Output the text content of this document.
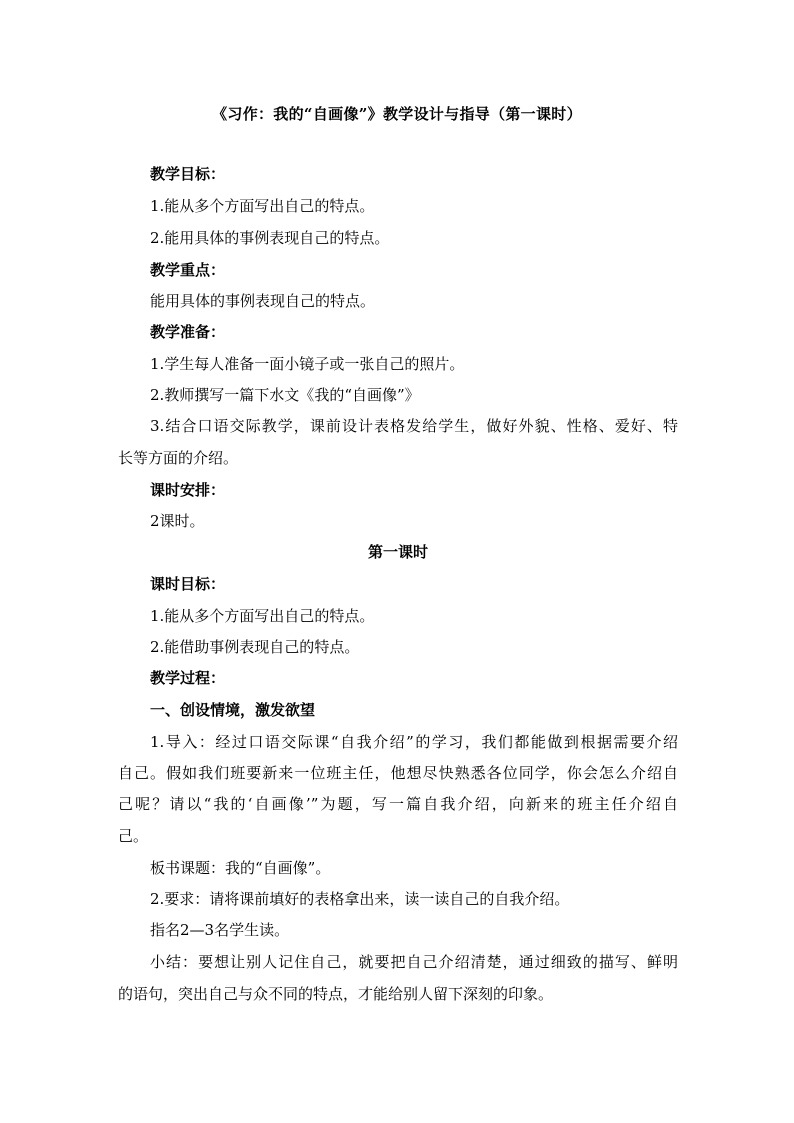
《习作：我的“自画像”》教学设计与指导（第一课时）
教学目标：
1.能从多个方面写出自己的特点。
2.能用具体的事例表现自己的特点。
教学重点：
能用具体的事例表现自己的特点。
教学准备：
1.学生每人准备一面小镜子或一张自己的照片。
2.教师撰写一篇下水文《我的“自画像”》
3.结合口语交际教学，课前设计表格发给学生，做好外貌、性格、爱好、特
长等方面的介绍。
课时安排：
2课时。
第一课时
课时目标：
1.能从多个方面写出自己的特点。
2.能借助事例表现自己的特点。
教学过程：
一、创设情境，激发欲望
1.导入：经过口语交际课“自我介绍”的学习，我们都能做到根据需要介绍
自己。假如我们班要新来一位班主任，他想尽快熟悉各位同学，你会怎么介绍自
己呢？请以“我的‘自画像’”为题，写一篇自我介绍，向新来的班主任介绍自
己。
板书课题：我的“自画像”。
2.要求：请将课前填好的表格拿出来，读一读自己的自我介绍。
指名2—3名学生读。
小结：要想让别人记住自己，就要把自己介绍清楚，通过细致的描写、鲜明
的语句，突出自己与众不同的特点，才能给别人留下深刻的印象。
